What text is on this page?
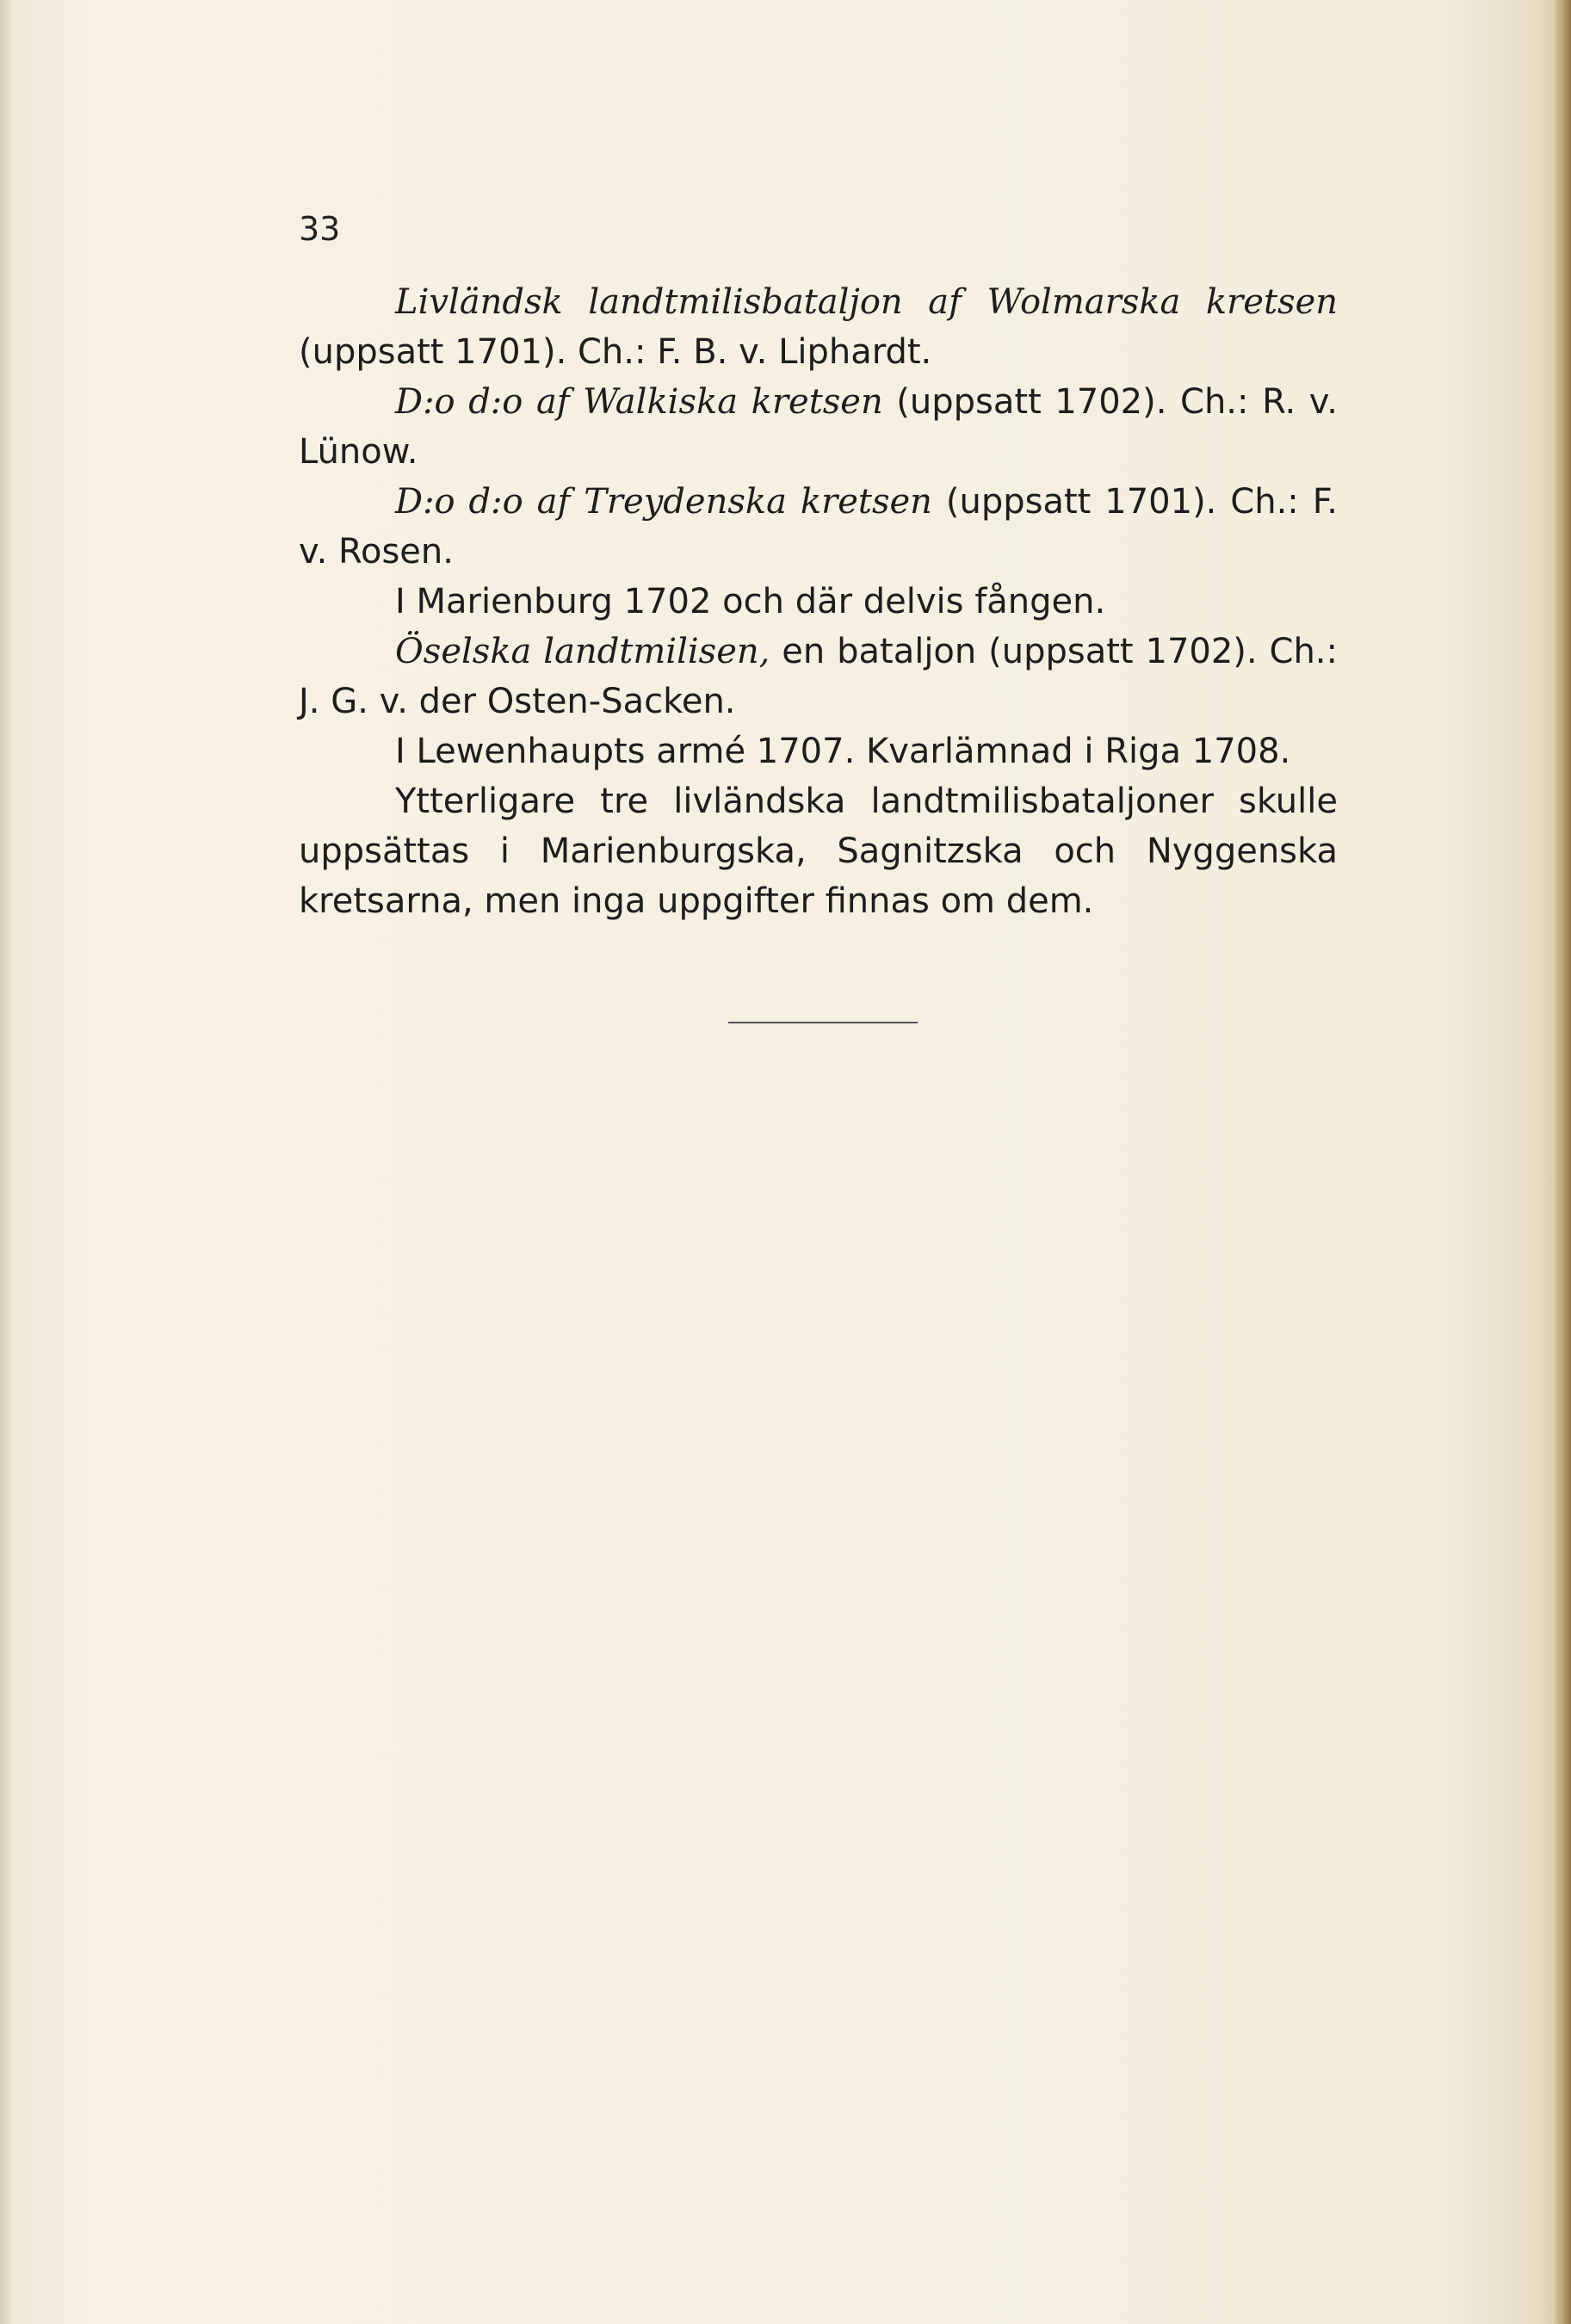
33

Livländsk landtmilisbataljon af Wolmarska kretsen (uppsatt 1701). Ch.: F. B. v. Liphardt.

D:o d:o af Walkiska kretsen (uppsatt 1702). Ch.: R. v. Lünow.

D:o d:o af Treydenska kretsen (uppsatt 1701). Ch.: F. v. Rosen.

I Marienburg 1702 och där delvis fången.

Öselska landtmilisen, en bataljon (uppsatt 1702). Ch.: J. G. v. der Osten-Sacken.

I Lewenhaupts armé 1707. Kvarlämnad i Riga 1708.

Ytterligare tre livländska landtmilisbataljoner skulle uppsättas i Marienburgska, Sagnitzska och Nyggenska kretsarna, men inga uppgifter finnas om dem.
